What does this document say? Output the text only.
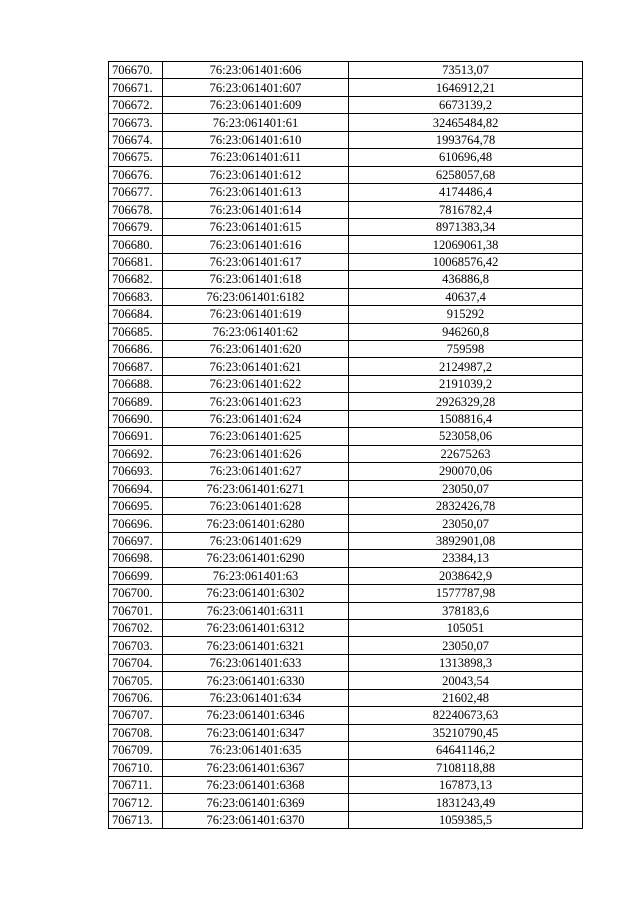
706670.	76:23:061401:606	73513,07
706671.	76:23:061401:607	1646912,21
706672.	76:23:061401:609	6673139,2
706673.	76:23:061401:61	32465484,82
706674.	76:23:061401:610	1993764,78
706675.	76:23:061401:611	610696,48
706676.	76:23:061401:612	6258057,68
706677.	76:23:061401:613	4174486,4
706678.	76:23:061401:614	7816782,4
706679.	76:23:061401:615	8971383,34
706680.	76:23:061401:616	12069061,38
706681.	76:23:061401:617	10068576,42
706682.	76:23:061401:618	436886,8
706683.	76:23:061401:6182	40637,4
706684.	76:23:061401:619	915292
706685.	76:23:061401:62	946260,8
706686.	76:23:061401:620	759598
706687.	76:23:061401:621	2124987,2
706688.	76:23:061401:622	2191039,2
706689.	76:23:061401:623	2926329,28
706690.	76:23:061401:624	1508816,4
706691.	76:23:061401:625	523058,06
706692.	76:23:061401:626	22675263
706693.	76:23:061401:627	290070,06
706694.	76:23:061401:6271	23050,07
706695.	76:23:061401:628	2832426,78
706696.	76:23:061401:6280	23050,07
706697.	76:23:061401:629	3892901,08
706698.	76:23:061401:6290	23384,13
706699.	76:23:061401:63	2038642,9
706700.	76:23:061401:6302	1577787,98
706701.	76:23:061401:6311	378183,6
706702.	76:23:061401:6312	105051
706703.	76:23:061401:6321	23050,07
706704.	76:23:061401:633	1313898,3
706705.	76:23:061401:6330	20043,54
706706.	76:23:061401:634	21602,48
706707.	76:23:061401:6346	82240673,63
706708.	76:23:061401:6347	35210790,45
706709.	76:23:061401:635	64641146,2
706710.	76:23:061401:6367	7108118,88
706711.	76:23:061401:6368	167873,13
706712.	76:23:061401:6369	1831243,49
706713.	76:23:061401:6370	1059385,5
